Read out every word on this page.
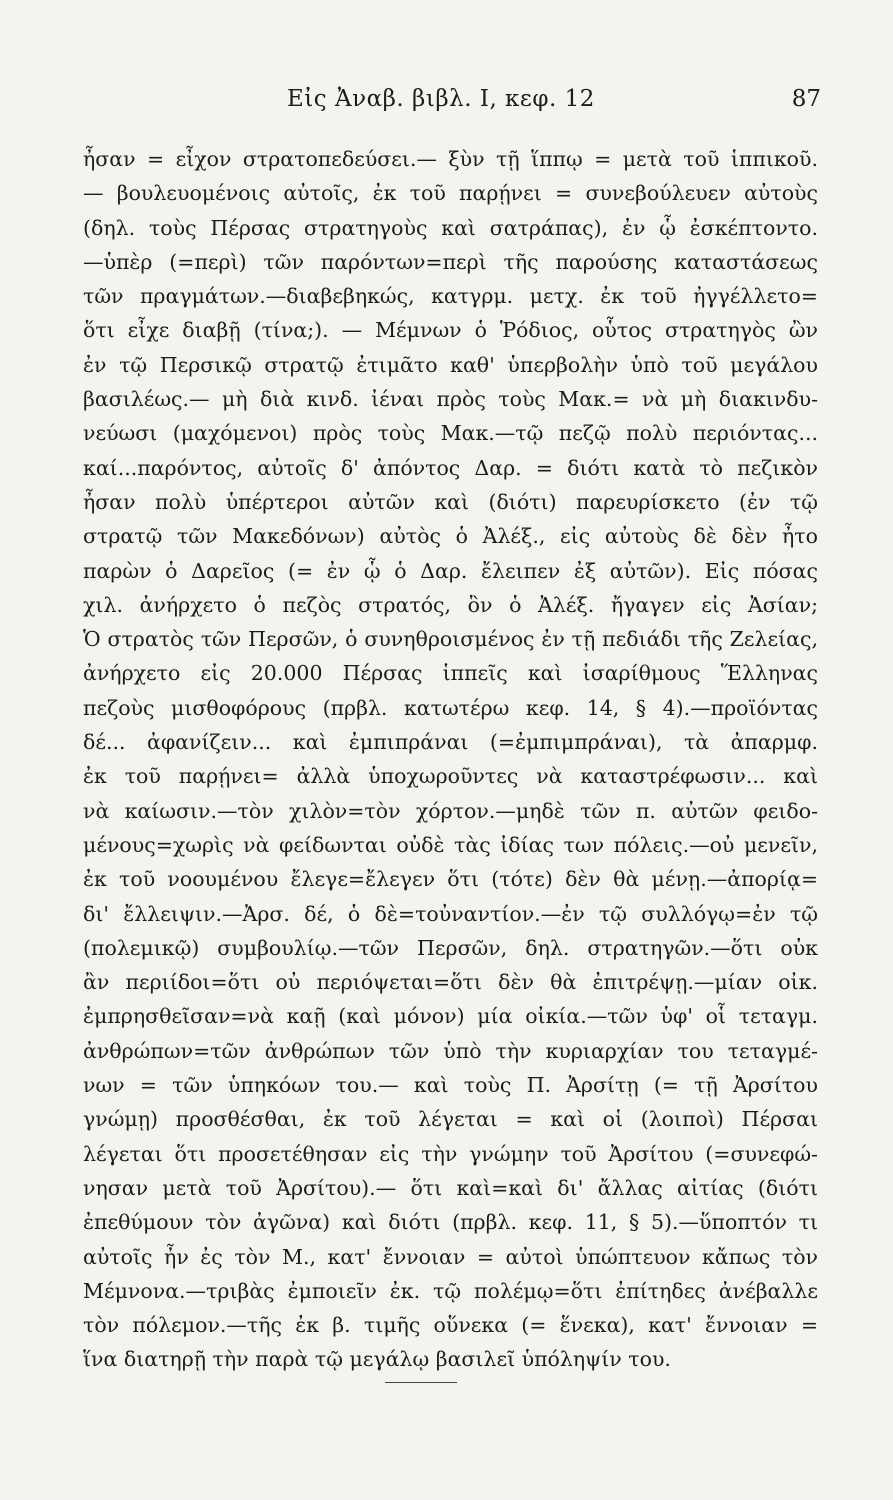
Εἰς Ἀναβ. βιβλ. Ι, κεφ. 12	87
ἦσαν = εἶχον στρατοπεδεύσει.— ξὺν τῇ ἵππῳ = μετὰ τοῦ ἱππικοῦ.
— βουλευομένοις αὐτοῖς, ἐκ τοῦ παρῄνει = συνεβούλευεν αὐτοὺς
(δηλ. τοὺς Πέρσας στρατηγοὺς καὶ σατράπας), ἐν ᾧ ἐσκέπτοντο.
—ὑπὲρ (=περὶ) τῶν παρόντων=περὶ τῆς παρούσης καταστάσεως
τῶν πραγμάτων.—διαβεβηκώς, κατγρμ. μετχ. ἐκ τοῦ ἠγγέλλετο=
ὅτι εἶχε διαβῇ (τίνα;). — Μέμνων ὁ Ῥόδιος, οὗτος στρατηγὸς ὢν
ἐν τῷ Περσικῷ στρατῷ ἐτιμᾶτο καθ' ὑπερβολὴν ὑπὸ τοῦ μεγάλου
βασιλέως.— μὴ διὰ κινδ. ἰέναι πρὸς τοὺς Μακ.= νὰ μὴ διακινδυ-
νεύωσι (μαχόμενοι) πρὸς τοὺς Μακ.—τῷ πεζῷ πολὺ περιόντας...
καί...παρόντος, αὐτοῖς δ' ἀπόντος Δαρ. = διότι κατὰ τὸ πεζικὸν
ἦσαν πολὺ ὑπέρτεροι αὐτῶν καὶ (διότι) παρευρίσκετο (ἐν τῷ
στρατῷ τῶν Μακεδόνων) αὐτὸς ὁ Ἀλέξ., εἰς αὐτοὺς δὲ δὲν ἦτο
παρὼν ὁ Δαρεῖος (= ἐν ᾧ ὁ Δαρ. ἔλειπεν ἐξ αὐτῶν). Εἰς πόσας
χιλ. ἀνήρχετο ὁ πεζὸς στρατός, ὃν ὁ Ἀλέξ. ἤγαγεν εἰς Ἀσίαν;
Ὁ στρατὸς τῶν Περσῶν, ὁ συνηθροισμένος ἐν τῇ πεδιάδι τῆς Ζελείας,
ἀνήρχετο εἰς 20.000 Πέρσας ἱππεῖς καὶ ἰσαρίθμους Ἕλληνας
πεζοὺς μισθοφόρους (πρβλ. κατωτέρω κεφ. 14, § 4).—προϊόντας
δέ... ἀφανίζειν... καὶ ἐμπιπράναι (=ἐμπιμπράναι), τὰ ἀπαρμφ.
ἐκ τοῦ παρῄνει= ἀλλὰ ὑποχωροῦντες νὰ καταστρέφωσιν... καὶ
νὰ καίωσιν.—τὸν χιλὸν=τὸν χόρτον.—μηδὲ τῶν π. αὐτῶν φειδο-
μένους=χωρὶς νὰ φείδωνται οὐδὲ τὰς ἰδίας των πόλεις.—οὐ μενεῖν,
ἐκ τοῦ νοουμένου ἔλεγε=ἔλεγεν ὅτι (τότε) δὲν θὰ μένῃ.—ἀπορίᾳ=
δι' ἔλλειψιν.—Ἀρσ. δέ, ὁ δὲ=τοὐναντίον.—ἐν τῷ συλλόγῳ=ἐν τῷ
(πολεμικῷ) συμβουλίῳ.—τῶν Περσῶν, δηλ. στρατηγῶν.—ὅτι οὐκ
ἂν περιίδοι=ὅτι οὐ περιόψεται=ὅτι δὲν θὰ ἐπιτρέψῃ.—μίαν οἰκ.
ἐμπρησθεῖσαν=νὰ καῇ (καὶ μόνον) μία οἰκία.—τῶν ὑφ' οἷ τεταγμ.
ἀνθρώπων=τῶν ἀνθρώπων τῶν ὑπὸ τὴν κυριαρχίαν του τεταγμέ-
νων = τῶν ὑπηκόων του.— καὶ τοὺς Π. Ἀρσίτῃ (= τῇ Ἀρσίτου
γνώμῃ) προσθέσθαι, ἐκ τοῦ λέγεται = καὶ οἱ (λοιποὶ) Πέρσαι
λέγεται ὅτι προσετέθησαν εἰς τὴν γνώμην τοῦ Ἀρσίτου (=συνεφώ-
νησαν μετὰ τοῦ Ἀρσίτου).— ὅτι καὶ=καὶ δι' ἄλλας αἰτίας (διότι
ἐπεθύμουν τὸν ἀγῶνα) καὶ διότι (πρβλ. κεφ. 11, § 5).—ὕποπτόν τι
αὐτοῖς ἦν ἐς τὸν Μ., κατ' ἔννοιαν = αὐτοὶ ὑπώπτευον κἄπως τὸν
Μέμνονα.—τριβὰς ἐμποιεῖν ἐκ. τῷ πολέμῳ=ὅτι ἐπίτηδες ἀνέβαλλε
τὸν πόλεμον.—τῆς ἐκ β. τιμῆς οὕνεκα (= ἕνεκα), κατ' ἔννοιαν =
ἵνα διατηρῇ τὴν παρὰ τῷ μεγάλῳ βασιλεῖ ὑπόληψίν του.
